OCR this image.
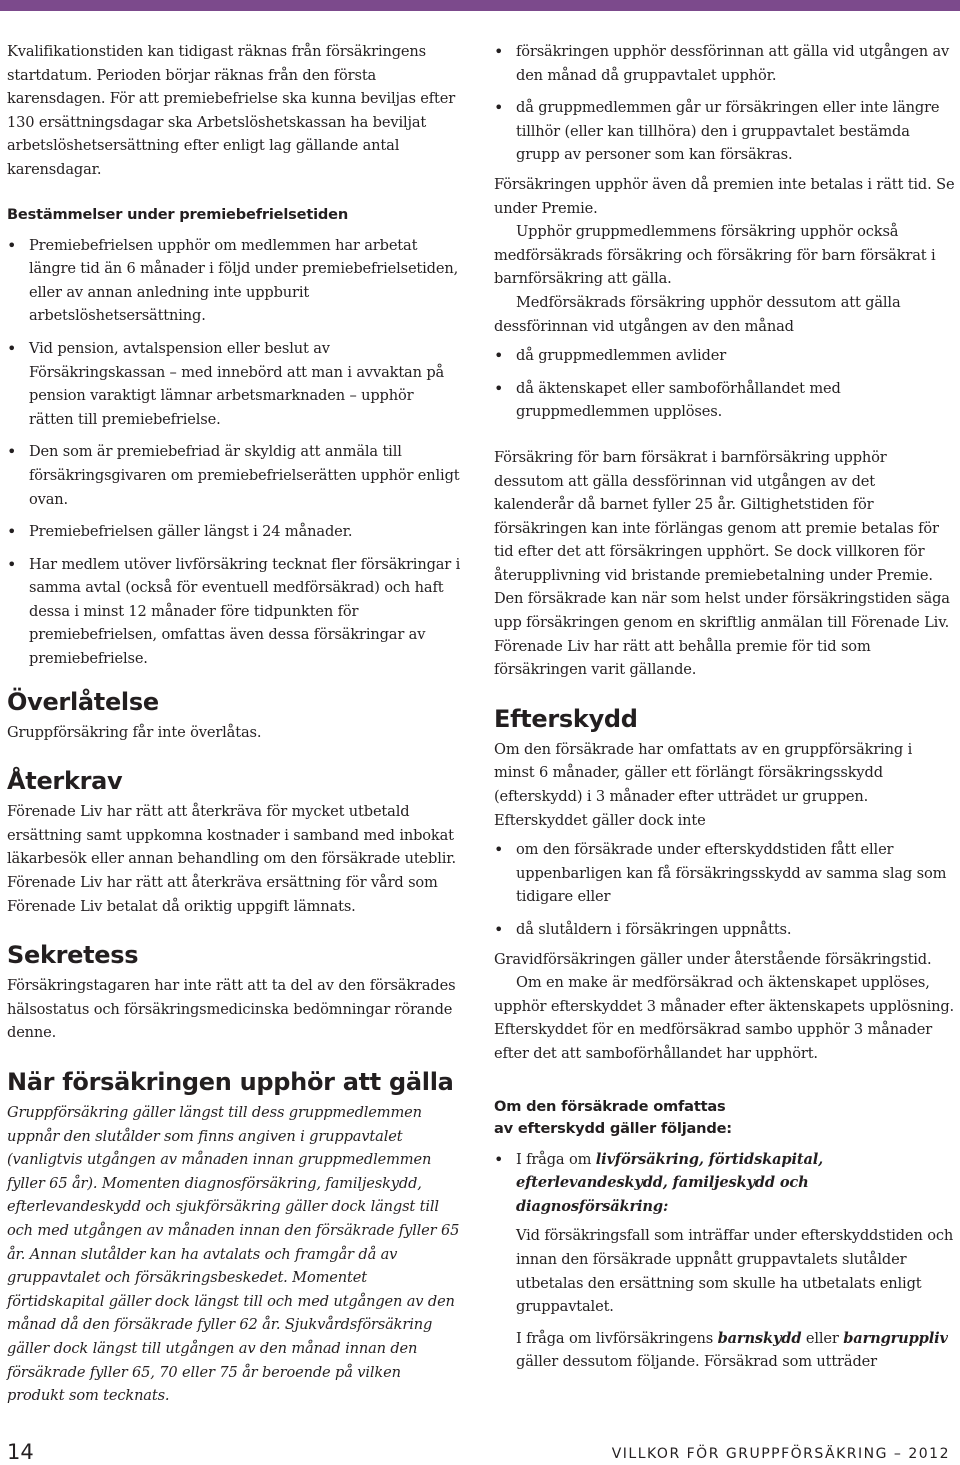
Kvalifikationstiden kan tidigast räknas från försäkringens startdatum. Perioden börjar räknas från den första karensdagen. För att premiebefrielse ska kunna beviljas efter 130 ersättningsdagar ska Arbetslöshetskassan ha beviljat arbetslöshetsersättning efter enligt lag gällande antal karensdagar.

Bestämmelser under premiebefrielsetiden
• Premiebefrielsen upphör om medlemmen har arbetat längre tid än 6 månader i följd under premiebefrielsetiden, eller av annan anledning inte uppburit arbetslöshetsersättning.
• Vid pension, avtalspension eller beslut av Försäkringskassan – med innebörd att man i avvaktan på pension varaktigt lämnar arbetsmarknaden – upphör rätten till premiebefrielse.
• Den som är premiebefriad är skyldig att anmäla till försäkringsgivaren om premiebefrielserätten upphör enligt ovan.
• Premiebefrielsen gäller längst i 24 månader.
• Har medlem utöver livförsäkring tecknat fler försäkringar i samma avtal (också för eventuell medförsäkrad) och haft dessa i minst 12 månader före tidpunkten för premiebefrielsen, omfattas även dessa försäkringar av premiebefrielse.
Överlåtelse

Gruppförsäkring får inte överlåtas.

Återkrav

Förenade Liv har rätt att återkräva för mycket utbetald ersättning samt uppkomna kostnader i samband med inbokat läkarbesök eller annan behandling om den försäkrade uteblir. Förenade Liv har rätt att återkräva ersättning för vård som Förenade Liv betalat då oriktig uppgift lämnats.

Sekretess

Försäkringstagaren har inte rätt att ta del av den försäkrades hälsostatus och försäkringsmedicinska bedömningar rörande denne.

När försäkringen upphör att gälla

Gruppförsäkring gäller längst till dess gruppmedlemmen uppnår den slutålder som finns angiven i gruppavtalet (vanligtvis utgången av månaden innan gruppmedlemmen fyller 65 år). Momenten diagnosförsäkring, familjeskydd, efterlevandeskydd och sjukförsäkring gäller dock längst till och med utgången av månaden innan den försäkrade fyller 65 år. Annan slutålder kan ha avtalats och framgår då av gruppavtalet och försäkringsbeskedet. Momentet förtidskapital gäller dock längst till och med utgången av den månad då den försäkrade fyller 62 år. Sjukvårdsförsäkring gäller dock längst till utgången av den månad innan den försäkrade fyller 65, 70 eller 75 år beroende på vilken produkt som tecknats.

• försäkringen upphör dessförinnan att gälla vid utgången av den månad då gruppavtalet upphör.
• då gruppmedlemmen går ur försäkringen eller inte längre tillhör (eller kan tillhöra) den i gruppavtalet bestämda grupp av personer som kan försäkras.

Försäkringen upphör även då premien inte betalas i rätt tid. Se under Premie.

Upphör gruppmedlemmens försäkring upphör också medförsäkrads försäkring och försäkring för barn försäkrat i barnförsäkring att gälla.

Medförsäkrads försäkring upphör dessutom att gälla dessförinnan vid utgången av den månad

• då gruppmedlemmen avlider
• då äktenskapet eller samboförhållandet med gruppmedlemmen upplöses.

Försäkring för barn försäkrat i barnförsäkring upphör dessutom att gälla dessförinnan vid utgången av det kalenderår då barnet fyller 25 år. Giltighetstiden för försäkringen kan inte förlängas genom att premie betalas för tid efter det att försäkringen upphört. Se dock villkoren för återupplivning vid bristande premiebetalning under Premie. Den försäkrade kan när som helst under försäkringstiden säga upp försäkringen genom en skriftlig anmälan till Förenade Liv. Förenade Liv har rätt att behålla premie för tid som försäkringen varit gällande.

Efterskydd

Om den försäkrade har omfattats av en gruppförsäkring i minst 6 månader, gäller ett förlängt försäkringsskydd (efterskydd) i 3 månader efter utträdet ur gruppen. Efterskyddet gäller dock inte

• om den försäkrade under efterskyddstiden fått eller uppenbarligen kan få försäkringsskydd av samma slag som tidigare eller
• då slutåldern i försäkringen uppnåtts.

Gravidförsäkringen gäller under återstående försäkringstid.

Om en make är medförsäkrad och äktenskapet upplöses, upphör efterskyddet 3 månader efter äktenskapets upplösning. Efterskyddet för en medförsäkrad sambo upphör 3 månader efter det att samboförhållandet har upphört.

Om den försäkrade omfattas
av efterskydd gäller följande:
• I fråga om livförsäkring, förtidskapital, efterlevandeskydd, familjeskydd och diagnosförsäkring:
Vid försäkringsfall som inträffar under efterskyddstiden och innan den försäkrade uppnått gruppavtalets slutålder utbetalas den ersättning som skulle ha utbetalats enligt gruppavtalet.
I fråga om livförsäkringens barnskydd eller barngruppliv gäller dessutom följande. Försäkrad som utträder
14	VILLKOR FÖR GRUPPFÖRSÄKRING – 2012
